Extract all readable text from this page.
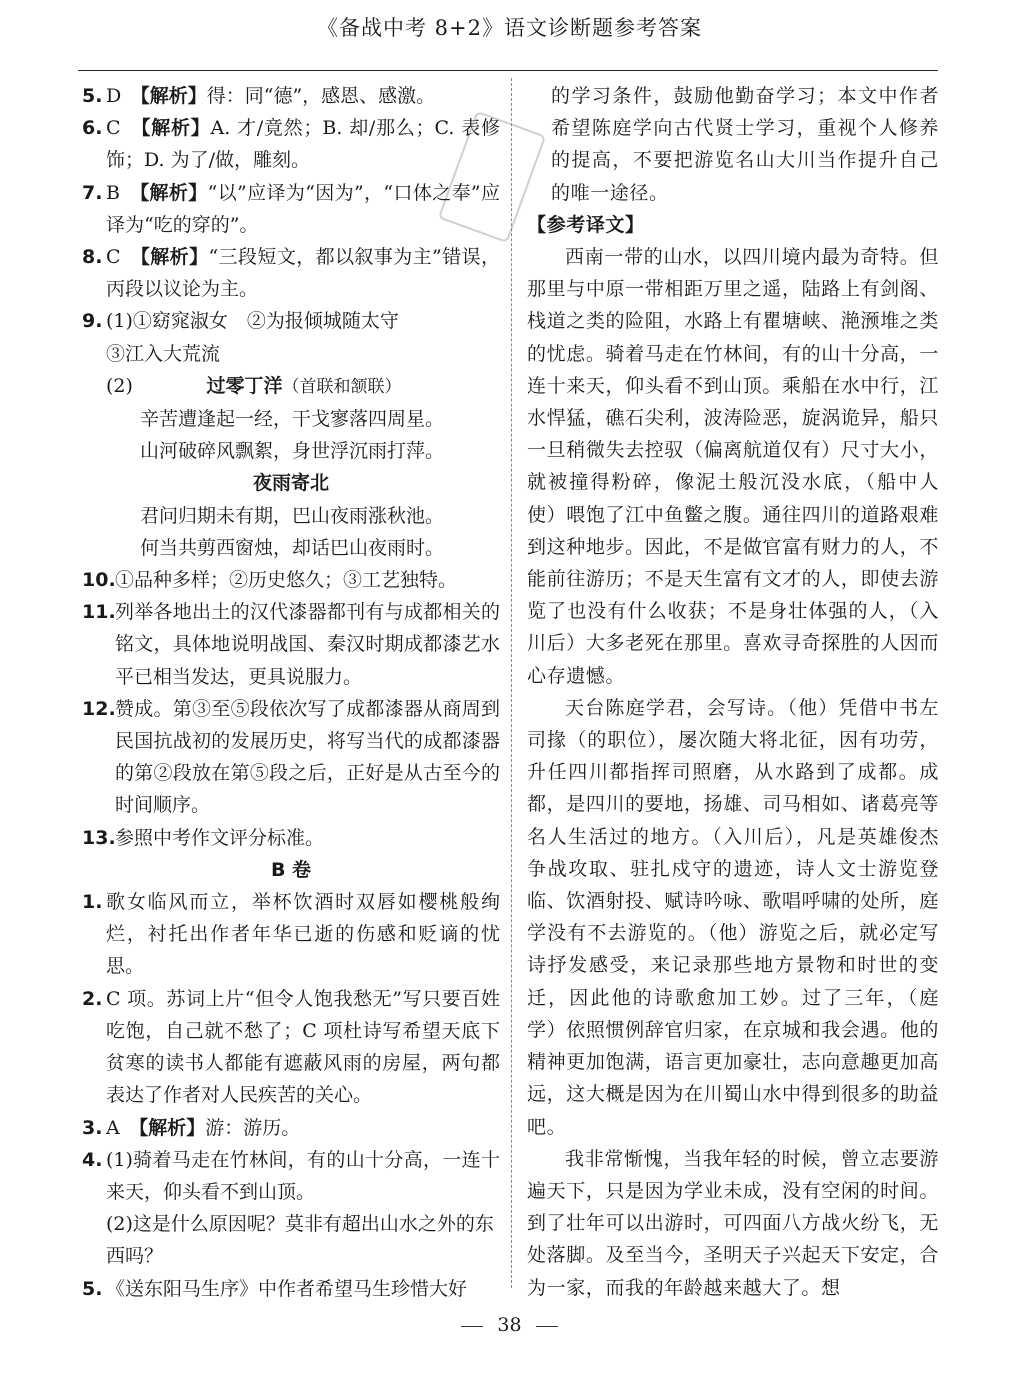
《备战中考 8+2》语文诊断题参考答案
5. D　【解析】得：同“德”，感恩、感激。
6. C　【解析】A. 才/竟然；B. 却/那么；C. 表修饰；D. 为了/做，雕刻。
7. B　【解析】“以”应译为“因为”，“口体之奉”应译为“吃的穿的”。
8. C　【解析】“三段短文，都以叙事为主”错误，丙段以议论为主。
9. (1)①窈窕淑女　②为报倾城随太守

③江入大荒流

(2)	过零丁洋（首联和颔联）

辛苦遭逢起一经，干戈寥落四周星。

山河破碎风飘絮，身世浮沉雨打萍。

夜雨寄北

君问归期未有期，巴山夜雨涨秋池。

何当共剪西窗烛，却话巴山夜雨时。

10. ①品种多样；②历史悠久；③工艺独特。
11. 列举各地出土的汉代漆器都刊有与成都相关的铭文，具体地说明战国、秦汉时期成都漆艺水平已相当发达，更具说服力。
12. 赞成。第③至⑤段依次写了成都漆器从商周到民国抗战初的发展历史，将写当代的成都漆器的第②段放在第⑤段之后，正好是从古至今的时间顺序。
13. 参照中考作文评分标准。

B 卷

1. 歌女临风而立，举杯饮酒时双唇如樱桃般绚烂，衬托出作者年华已逝的伤感和贬谪的忧思。
2. C 项。苏词上片“但令人饱我愁无”写只要百姓吃饱，自己就不愁了；C 项杜诗写希望天底下贫寒的读书人都能有遮蔽风雨的房屋，两句都表达了作者对人民疾苦的关心。
3. A　【解析】游：游历。
4. (1)骑着马走在竹林间，有的山十分高，一连十来天，仰头看不到山顶。

(2)这是什么原因呢？莫非有超出山水之外的东西吗？

5. 《送东阳马生序》中作者希望马生珍惜大好

的学习条件，鼓励他勤奋学习；本文中作者希望陈庭学向古代贤士学习，重视个人修养的提高，不要把游览名山大川当作提升自己的唯一途径。

【参考译文】

西南一带的山水，以四川境内最为奇特。但那里与中原一带相距万里之遥，陆路上有剑阁、栈道之类的险阻，水路上有瞿塘峡、滟滪堆之类的忧虑。骑着马走在竹林间，有的山十分高，一连十来天，仰头看不到山顶。乘船在水中行，江水悍猛，礁石尖利，波涛险恶，旋涡诡异，船只一旦稍微失去控驭（偏离航道仅有）尺寸大小，就被撞得粉碎，像泥土般沉没水底，（船中人使）喂饱了江中鱼鳖之腹。通往四川的道路艰难到这种地步。因此，不是做官富有财力的人，不能前往游历；不是天生富有文才的人，即使去游览了也没有什么收获；不是身壮体强的人，（入川后）大多老死在那里。喜欢寻奇探胜的人因而心存遗憾。

天台陈庭学君，会写诗。（他）凭借中书左司掾（的职位），屡次随大将北征，因有功劳，升任四川都指挥司照磨，从水路到了成都。成都，是四川的要地，扬雄、司马相如、诸葛亮等名人生活过的地方。（入川后），凡是英雄俊杰争战攻取、驻扎戍守的遗迹，诗人文士游览登临、饮酒射投、赋诗吟咏、歌唱呼啸的处所，庭学没有不去游览的。（他）游览之后，就必定写诗抒发感受，来记录那些地方景物和时世的变迁，因此他的诗歌愈加工妙。过了三年，（庭学）依照惯例辞官归家，在京城和我会遇。他的精神更加饱满，语言更加豪壮，志向意趣更加高远，这大概是因为在川蜀山水中得到很多的助益吧。

我非常惭愧，当我年轻的时候，曾立志要游遍天下，只是因为学业未成，没有空闲的时间。到了壮年可以出游时，可四面八方战火纷飞，无处落脚。及至当今，圣明天子兴起天下安定，合为一家，而我的年龄越来越大了。想

38
